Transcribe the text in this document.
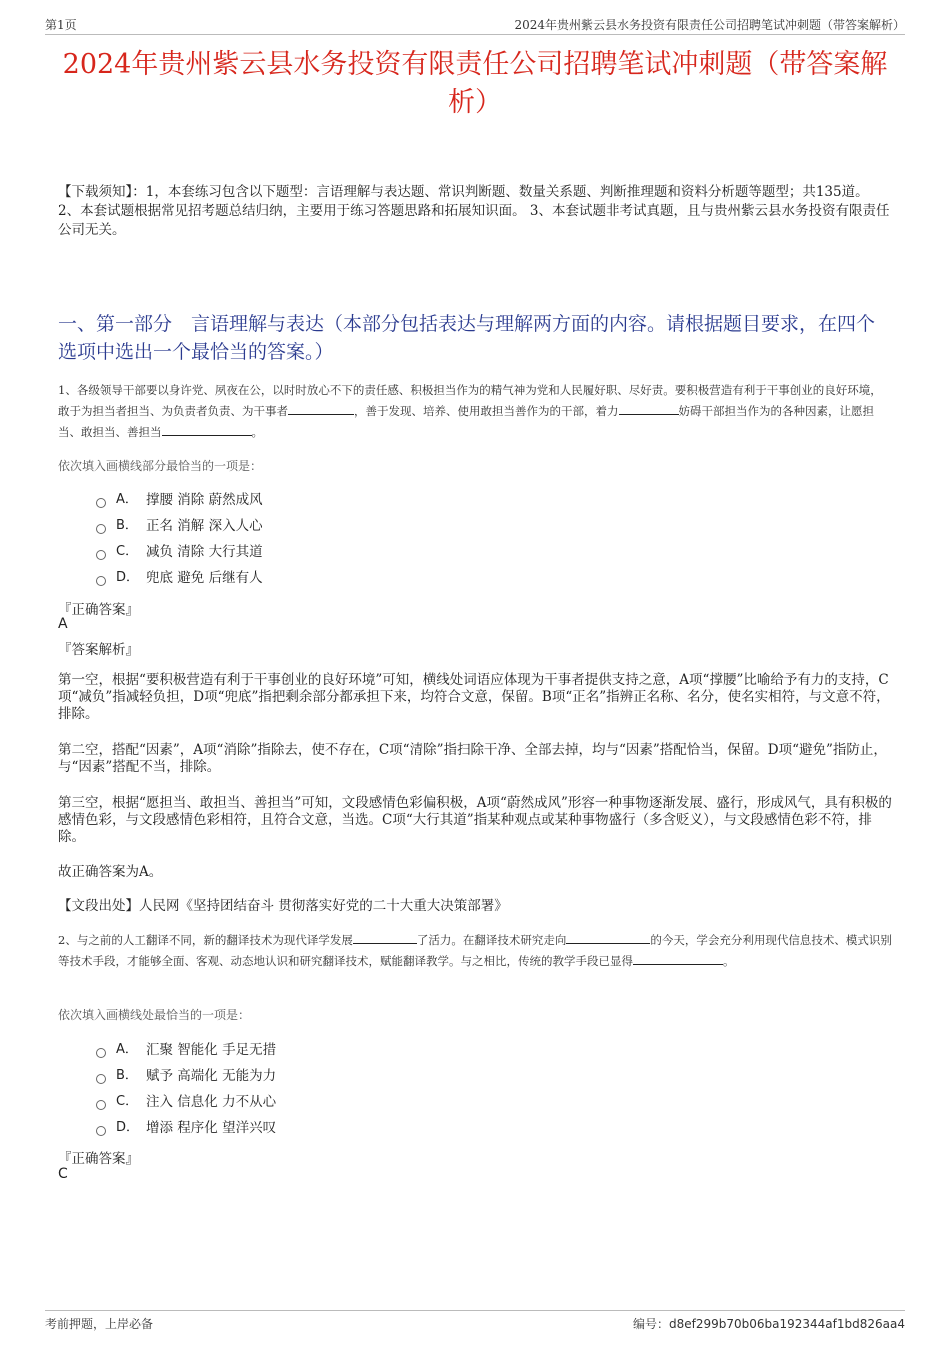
第1页	2024年贵州紫云县水务投资有限责任公司招聘笔试冲刺题（带答案解析）
2024年贵州紫云县水务投资有限责任公司招聘笔试冲刺题（带答案解析）
【下载须知】：1，本套练习包含以下题型：言语理解与表达题、常识判断题、数量关系题、判断推理题和资料分析题等题型；共135道。 2、本套试题根据常见招考题总结归纳，主要用于练习答题思路和拓展知识面。 3、本套试题非考试真题，且与贵州紫云县水务投资有限责任公司无关。
一、第一部分　言语理解与表达（本部分包括表达与理解两方面的内容。请根据题目要求，在四个选项中选出一个最恰当的答案。）
1、各级领导干部要以身许党、夙夜在公，以时时放心不下的责任感、积极担当作为的精气神为党和人民履好职、尽好责。要积极营造有利于干事创业的良好环境，敢于为担当者担当、为负责者负责、为干事者	，善于发现、培养、使用敢担当善作为的干部，着力	妨碍干部担当作为的各种因素，让愿担当、敢担当、善担当	。
依次填入画横线部分最恰当的一项是：
A． 撑腰 消除 蔚然成风
B． 正名 消解 深入人心
C． 减负 清除 大行其道
D． 兜底 避免 后继有人
『正确答案』
A
『答案解析』
第一空，根据“要积极营造有利于干事创业的良好环境”可知，横线处词语应体现为干事者提供支持之意，A项“撑腰”比喻给予有力的支持，C项“减负”指减轻负担，D项“兜底”指把剩余部分都承担下来，均符合文意，保留。B项“正名”指辨正名称、名分，使名实相符，与文意不符，排除。
第二空，搭配“因素”，A项“消除”指除去，使不存在，C项“清除”指扫除干净、全部去掉，均与“因素”搭配恰当，保留。D项“避免”指防止，与“因素”搭配不当，排除。
第三空，根据“愿担当、敢担当、善担当”可知，文段感情色彩偏积极，A项“蔚然成风”形容一种事物逐渐发展、盛行，形成风气，具有积极的感情色彩，与文段感情色彩相符，且符合文意，当选。C项“大行其道”指某种观点或某种事物盛行（多含贬义），与文段感情色彩不符，排除。
故正确答案为A。
【文段出处】人民网《坚持团结奋斗 贯彻落实好党的二十大重大决策部署》
2、与之前的人工翻译不同，新的翻译技术为现代译学发展	了活力。在翻译技术研究走向	的今天，学会充分利用现代信息技术、模式识别等技术手段，才能够全面、客观、动态地认识和研究翻译技术，赋能翻译教学。与之相比，传统的教学手段已显得	。
依次填入画横线处最恰当的一项是：
A． 汇聚 智能化 手足无措
B． 赋予 高端化 无能为力
C． 注入 信息化 力不从心
D． 增添 程序化 望洋兴叹
『正确答案』
C
考前押题，上岸必备	编号：d8ef299b70b06ba192344af1bd826aa4
